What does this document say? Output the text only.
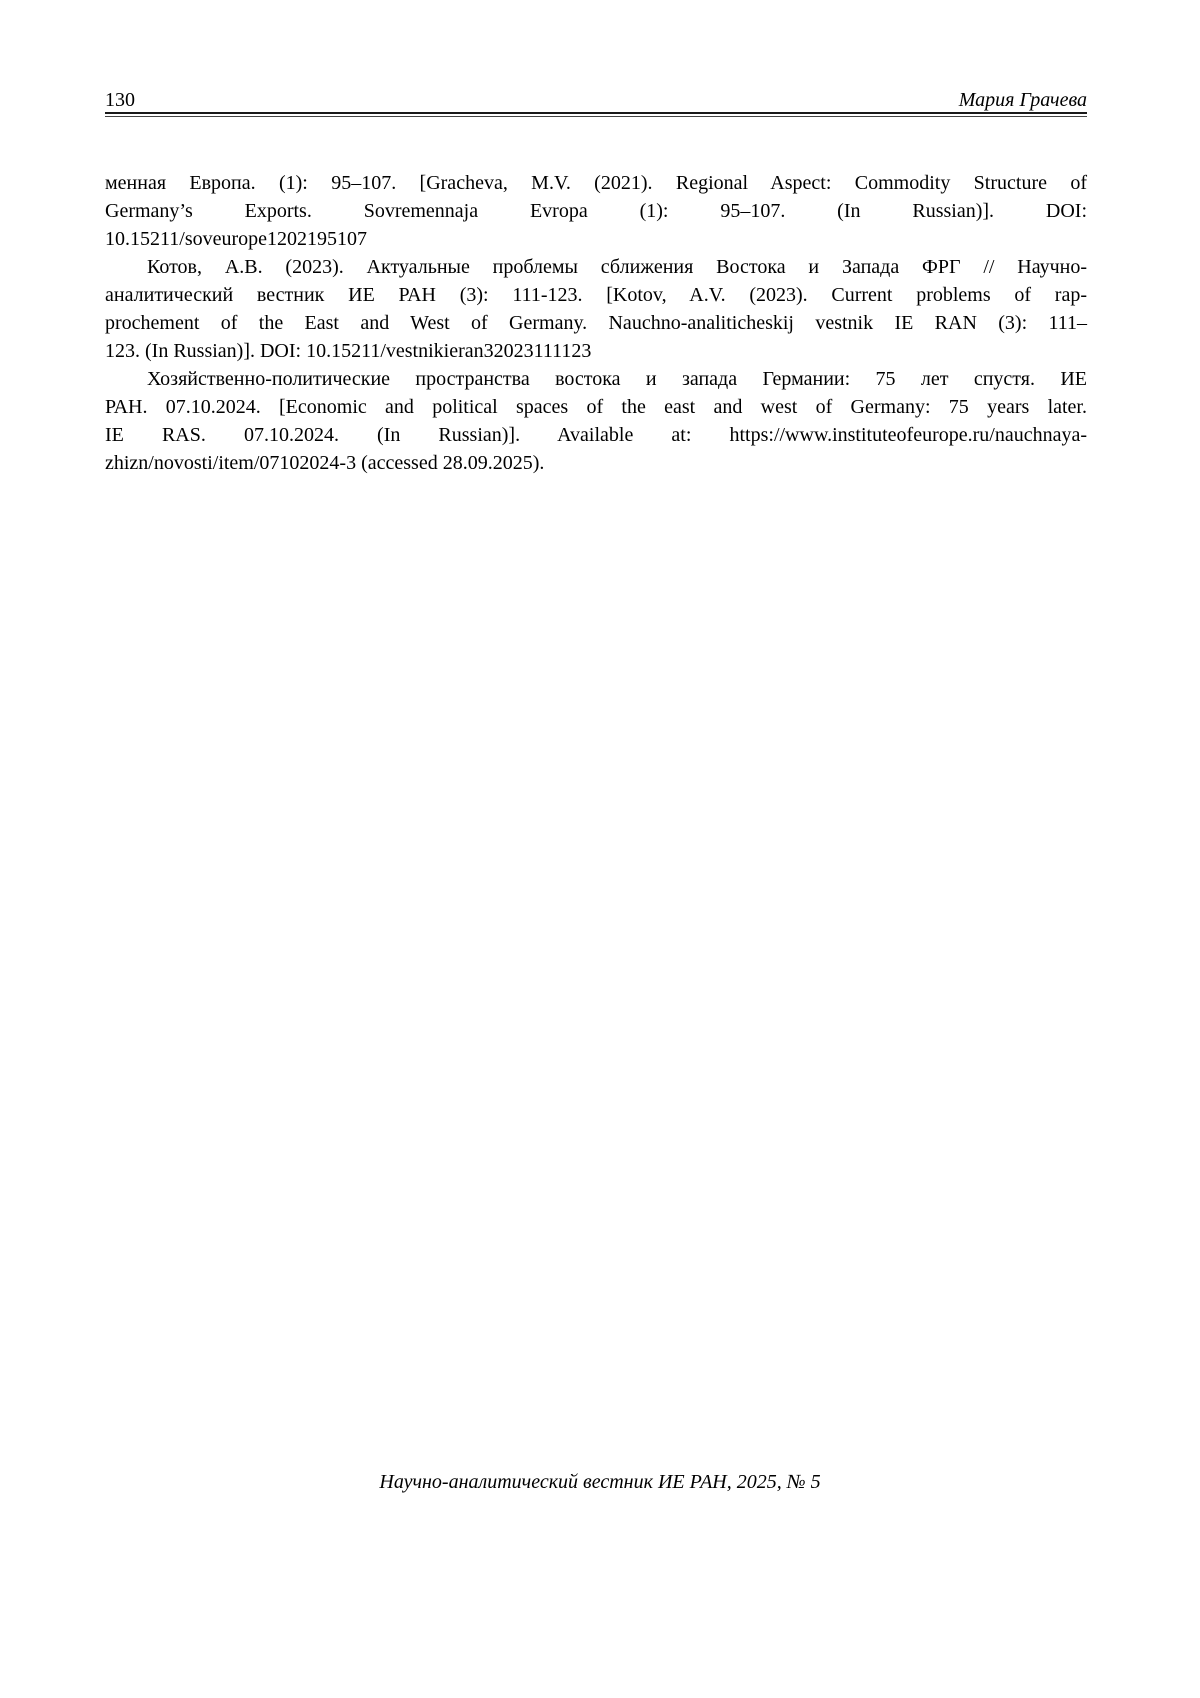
130	Мария Грачева
менная Европа. (1): 95–107. [Gracheva, M.V. (2021). Regional Aspect: Commodity Structure of
Germany’s Exports. Sovremennaja Evropa (1): 95–107. (In Russian)]. DOI:
10.15211/soveurope1202195107
Котов, А.В. (2023). Актуальные проблемы сближения Востока и Запада ФРГ // Научно-
аналитический вестник ИЕ РАН (3): 111-123. [Kotov, A.V. (2023). Current problems of rap-
prochement of the East and West of Germany. Nauchno-analiticheskij vestnik IE RAN (3): 111–
123. (In Russian)]. DOI: 10.15211/vestnikieran32023111123
Хозяйственно-политические пространства востока и запада Германии: 75 лет спустя. ИЕ
РАН. 07.10.2024. [Economic and political spaces of the east and west of Germany: 75 years later.
IE RAS. 07.10.2024. (In Russian)]. Available at: https://www.instituteofeurope.ru/nauchnaya-
zhizn/novosti/item/07102024-3 (accessed 28.09.2025).
Научно-аналитический вестник ИЕ РАН, 2025, № 5
